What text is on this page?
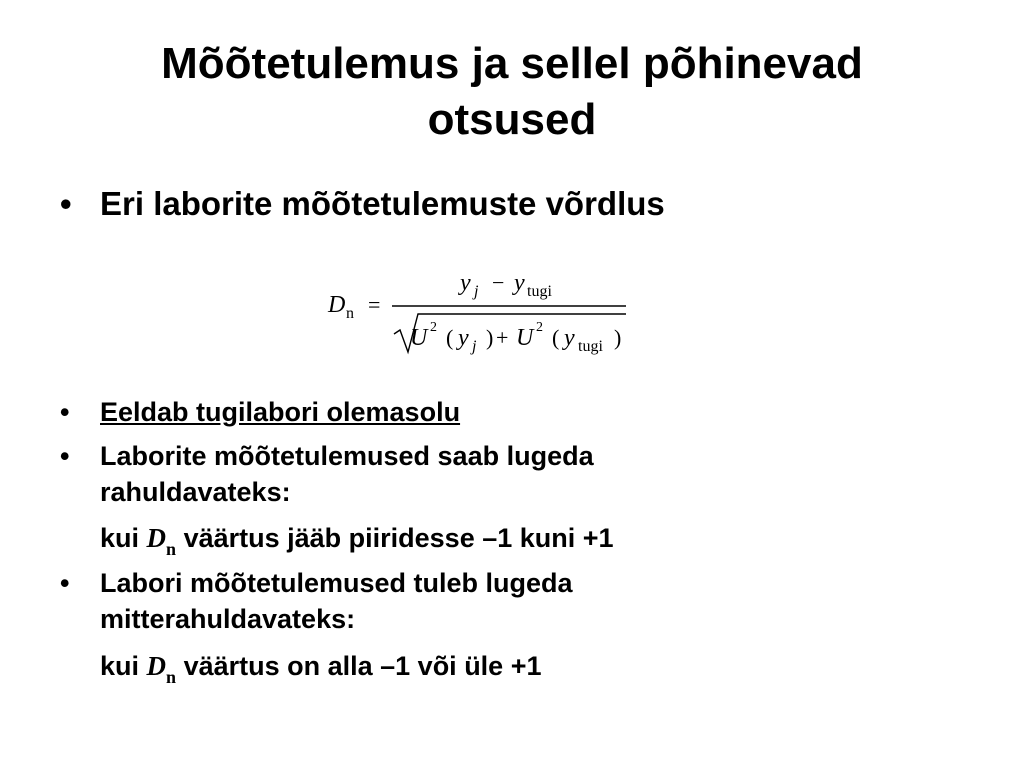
Mõõtetulemus ja sellel põhinevad
otsused
• Eri laborite mõõtetulemuste võrdlus
D n =
y j − y tugi
U 2 ( y j ) + U 2 ( y tugi )
• Eeldab tugilabori olemasolu
• Laborite mõõtetulemused saab lugeda
rahuldavateks:
kui $D_n$ väärtus jääb piiridesse –1 kuni +1
• Labori mõõtetulemused tuleb lugeda
mitterahuldavateks:
kui $D_n$ väärtus on alla –1 või üle +1
